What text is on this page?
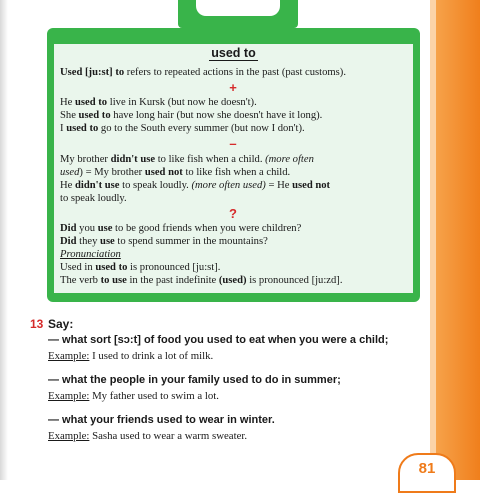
used to
Used [ju:st] to refers to repeated actions in the past (past customs).
+
He used to live in Kursk (but now he doesn't).
She used to have long hair (but now she doesn't have it long).
I used to go to the South every summer (but now I don't).
–
My brother didn't use to like fish when a child. (more often
used) = My brother used not to like fish when a child.
He didn't use to speak loudly. (more often used) = He used not
to speak loudly.
?
Did you use to be good friends when you were children?
Did they use to spend summer in the mountains?
Pronunciation
Used in used to is pronounced [ju:st].
The verb to use in the past indefinite (used) is pronounced [ju:zd].
13 Say:
— what sort [sɔ:t] of food you used to eat when you were a child;
Example: I used to drink a lot of milk.
— what the people in your family used to do in summer;
Example: My father used to swim a lot.
— what your friends used to wear in winter.
Example: Sasha used to wear a warm sweater.
81
